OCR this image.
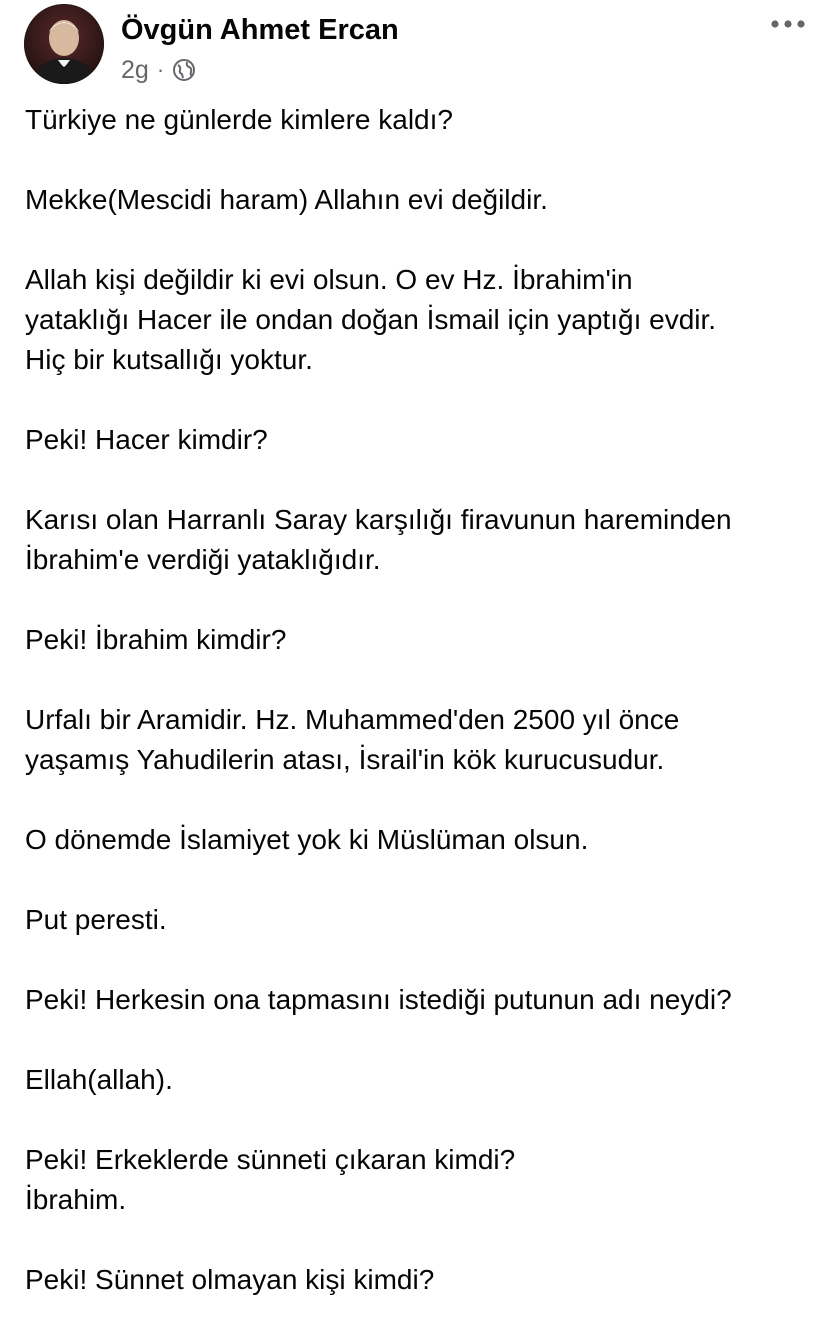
Övgün Ahmet Ercan
2g ·
Türkiye ne günlerde kimlere kaldı?
Mekke(Mescidi haram) Allahın evi değildir.
Allah kişi değildir ki evi olsun. O ev Hz. İbrahim'in
yataklığı Hacer ile ondan doğan İsmail için yaptığı evdir.
Hiç bir kutsallığı yoktur.
Peki! Hacer kimdir?
Karısı olan Harranlı Saray karşılığı firavunun hareminden
İbrahim'e verdiği yataklığıdır.
Peki! İbrahim kimdir?
Urfalı bir Aramidir. Hz. Muhammed'den 2500 yıl önce
yaşamış Yahudilerin atası, İsrail'in kök kurucusudur.
O dönemde İslamiyet yok ki Müslüman olsun.
Put peresti.
Peki! Herkesin ona tapmasını istediği putunun adı neydi?
Ellah(allah).
Peki! Erkeklerde sünneti çıkaran kimdi?
İbrahim.
Peki! Sünnet olmayan kişi kimdi?
